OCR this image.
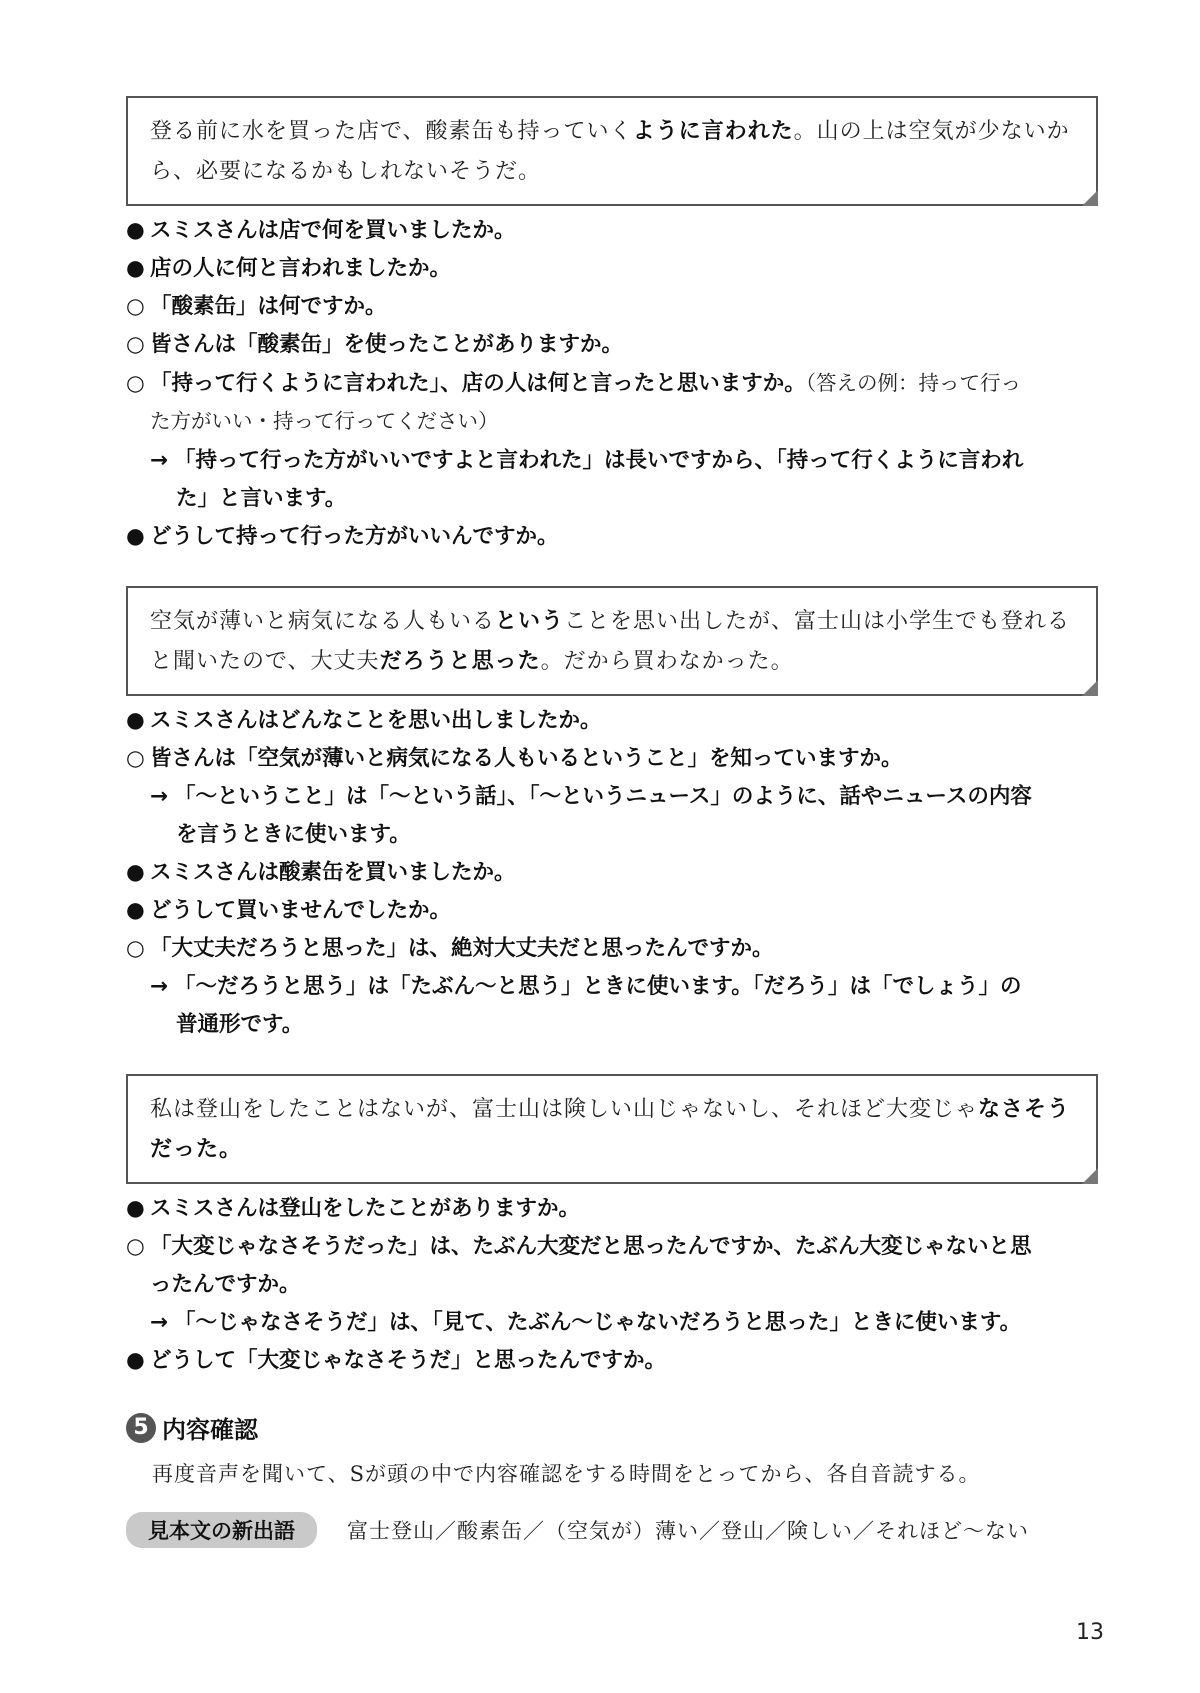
登る前に水を買った店で、酸素缶も持っていくように言われた。山の上は空気が少ないか
ら、必要になるかもしれないそうだ。
● スミスさんは店で何を買いましたか。
● 店の人に何と言われましたか。
○ 「酸素缶」は何ですか。
○ 皆さんは「酸素缶」を使ったことがありますか。
○ 「持って行くように言われた」、店の人は何と言ったと思いますか。（答えの例：持って行っ
た方がいい・持って行ってください）
→ 「持って行った方がいいですよと言われた」は長いですから、「持って行くように言われ
た」と言います。
● どうして持って行った方がいいんですか。
空気が薄いと病気になる人もいるということを思い出したが、富士山は小学生でも登れる
と聞いたので、大丈夫だろうと思った。だから買わなかった。
● スミスさんはどんなことを思い出しましたか。
○ 皆さんは「空気が薄いと病気になる人もいるということ」を知っていますか。
→ 「～ということ」は「～という話」、「～というニュース」のように、話やニュースの内容
を言うときに使います。
● スミスさんは酸素缶を買いましたか。
● どうして買いませんでしたか。
○ 「大丈夫だろうと思った」は、絶対大丈夫だと思ったんですか。
→ 「～だろうと思う」は「たぶん～と思う」ときに使います。「だろう」は「でしょう」の
普通形です。
私は登山をしたことはないが、富士山は険しい山じゃないし、それほど大変じゃなさそう
だった。
● スミスさんは登山をしたことがありますか。
○ 「大変じゃなさそうだった」は、たぶん大変だと思ったんですか、たぶん大変じゃないと思
ったんですか。
→ 「～じゃなさそうだ」は、「見て、たぶん～じゃないだろうと思った」ときに使います。
● どうして「大変じゃなさそうだ」と思ったんですか。
5 内容確認
再度音声を聞いて、Sが頭の中で内容確認をする時間をとってから、各自音読する。
見本文の新出語	富士登山／酸素缶／（空気が）薄い／登山／険しい／それほど～ない
13
